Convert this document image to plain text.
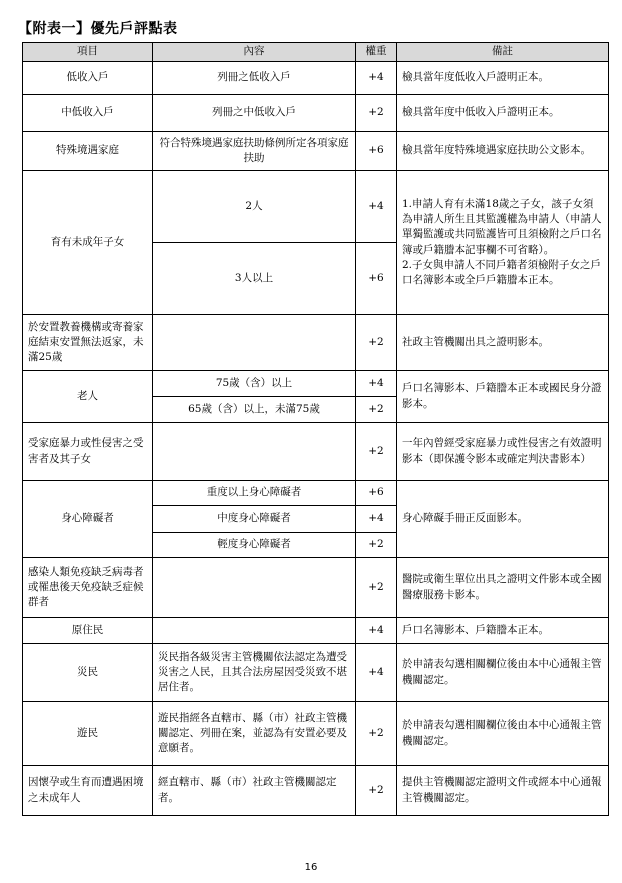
【附表一】優先戶評點表
項目	內容	權重	備註
低收入戶	列冊之低收入戶	+4	檢具當年度低收入戶證明正本。
中低收入戶	列冊之中低收入戶	+2	檢具當年度中低收入戶證明正本。
特殊境遇家庭	符合特殊境遇家庭扶助條例所定各項家庭扶助	+6	檢具當年度特殊境遇家庭扶助公文影本。
育有未成年子女	2人	+4	1.申請人育有未滿18歲之子女，該子女須為申請人所生且其監護權為申請人（申請人單獨監護或共同監護皆可且須檢附之戶口名簿或戶籍謄本記事欄不可省略）。
2.子女與申請人不同戶籍者須檢附子女之戶口名簿影本或全戶戶籍謄本正本。
	3人以上	+6	
於安置教養機構或寄養家庭結束安置無法返家，未滿25歲		+2	社政主管機關出具之證明影本。
老人	75歲（含）以上	+4	戶口名簿影本、戶籍謄本正本或國民身分證影本。
	65歲（含）以上，未滿75歲	+2	
受家庭暴力或性侵害之受害者及其子女		+2	一年內曾經受家庭暴力或性侵害之有效證明影本（即保護令影本或確定判決書影本）
身心障礙者	重度以上身心障礙者	+6	身心障礙手冊正反面影本。
	中度身心障礙者	+4	
	輕度身心障礙者	+2	
感染人類免疫缺乏病毒者或罹患後天免疫缺乏症候群者		+2	醫院或衛生單位出具之證明文件影本或全國醫療服務卡影本。
原住民		+4	戶口名簿影本、戶籍謄本正本。
災民	災民指各級災害主管機關依法認定為遭受災害之人民，且其合法房屋因受災致不堪居住者。	+4	於申請表勾選相關欄位後由本中心通報主管機關認定。
遊民	遊民指經各直轄市、縣（市）社政主管機關認定、列冊在案，並認為有安置必要及意願者。	+2	於申請表勾選相關欄位後由本中心通報主管機關認定。
因懷孕或生育而遭遇困境之未成年人	經直轄市、縣（市）社政主管機關認定者。	+2	提供主管機關認定證明文件或經本中心通報主管機關認定。
16
